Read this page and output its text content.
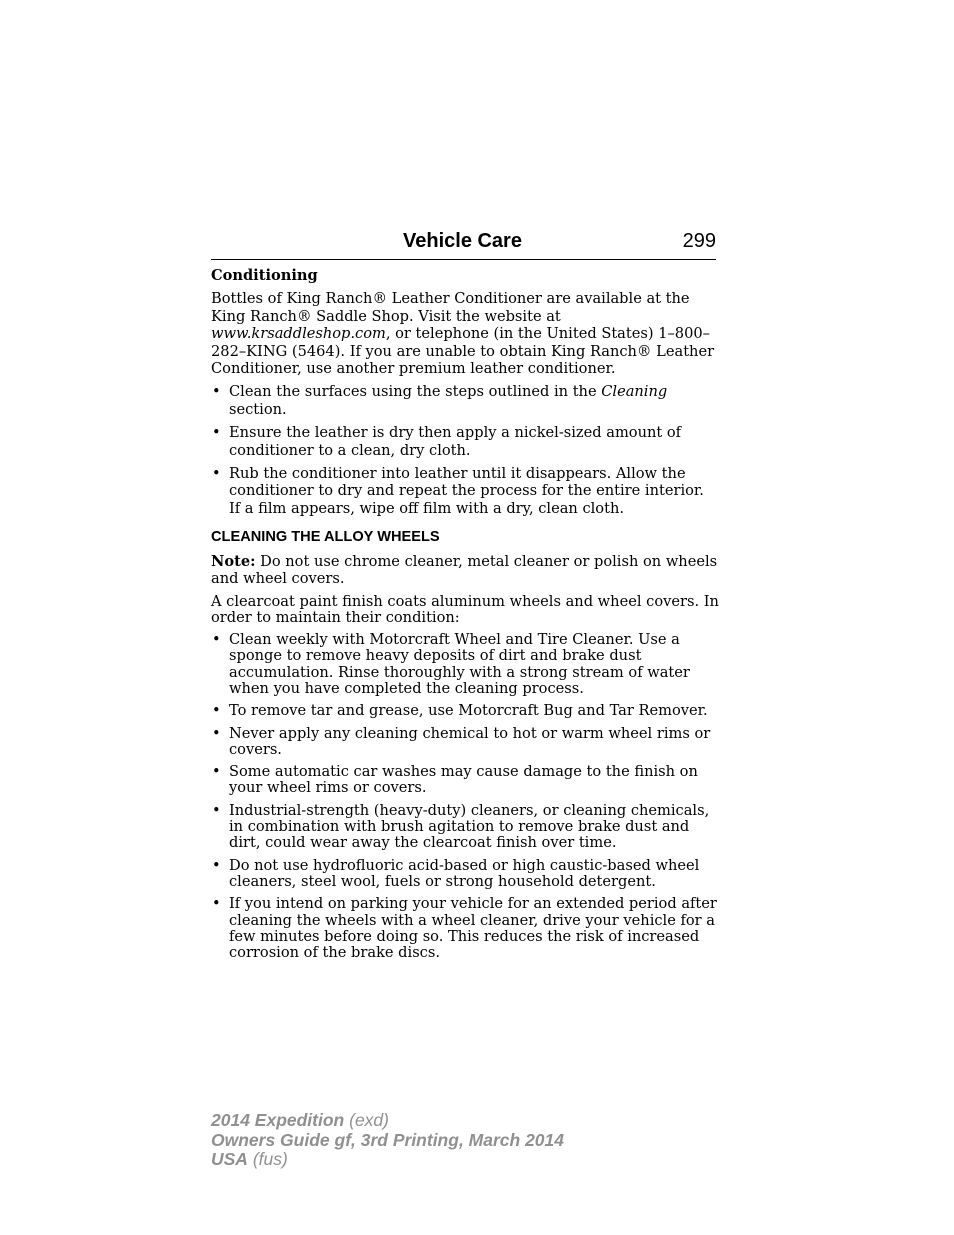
Vehicle Care	299
Conditioning

Bottles of King Ranch® Leather Conditioner are available at the King Ranch® Saddle Shop. Visit the website at www.krsaddleshop.com, or telephone (in the United States) 1–800–282–KING (5464). If you are unable to obtain King Ranch® Leather Conditioner, use another premium leather conditioner.

• Clean the surfaces using the steps outlined in the Cleaning section.
• Ensure the leather is dry then apply a nickel-sized amount of conditioner to a clean, dry cloth.
• Rub the conditioner into leather until it disappears. Allow the conditioner to dry and repeat the process for the entire interior. If a film appears, wipe off film with a dry, clean cloth.
CLEANING THE ALLOY WHEELS

Note: Do not use chrome cleaner, metal cleaner or polish on wheels and wheel covers.

A clearcoat paint finish coats aluminum wheels and wheel covers. In order to maintain their condition:

• Clean weekly with Motorcraft Wheel and Tire Cleaner. Use a sponge to remove heavy deposits of dirt and brake dust accumulation. Rinse thoroughly with a strong stream of water when you have completed the cleaning process.
• To remove tar and grease, use Motorcraft Bug and Tar Remover.
• Never apply any cleaning chemical to hot or warm wheel rims or covers.
• Some automatic car washes may cause damage to the finish on your wheel rims or covers.
• Industrial-strength (heavy-duty) cleaners, or cleaning chemicals, in combination with brush agitation to remove brake dust and dirt, could wear away the clearcoat finish over time.
• Do not use hydrofluoric acid-based or high caustic-based wheel cleaners, steel wool, fuels or strong household detergent.
• If you intend on parking your vehicle for an extended period after cleaning the wheels with a wheel cleaner, drive your vehicle for a few minutes before doing so. This reduces the risk of increased corrosion of the brake discs.
2014 Expedition (exd)
Owners Guide gf, 3rd Printing, March 2014
USA (fus)
